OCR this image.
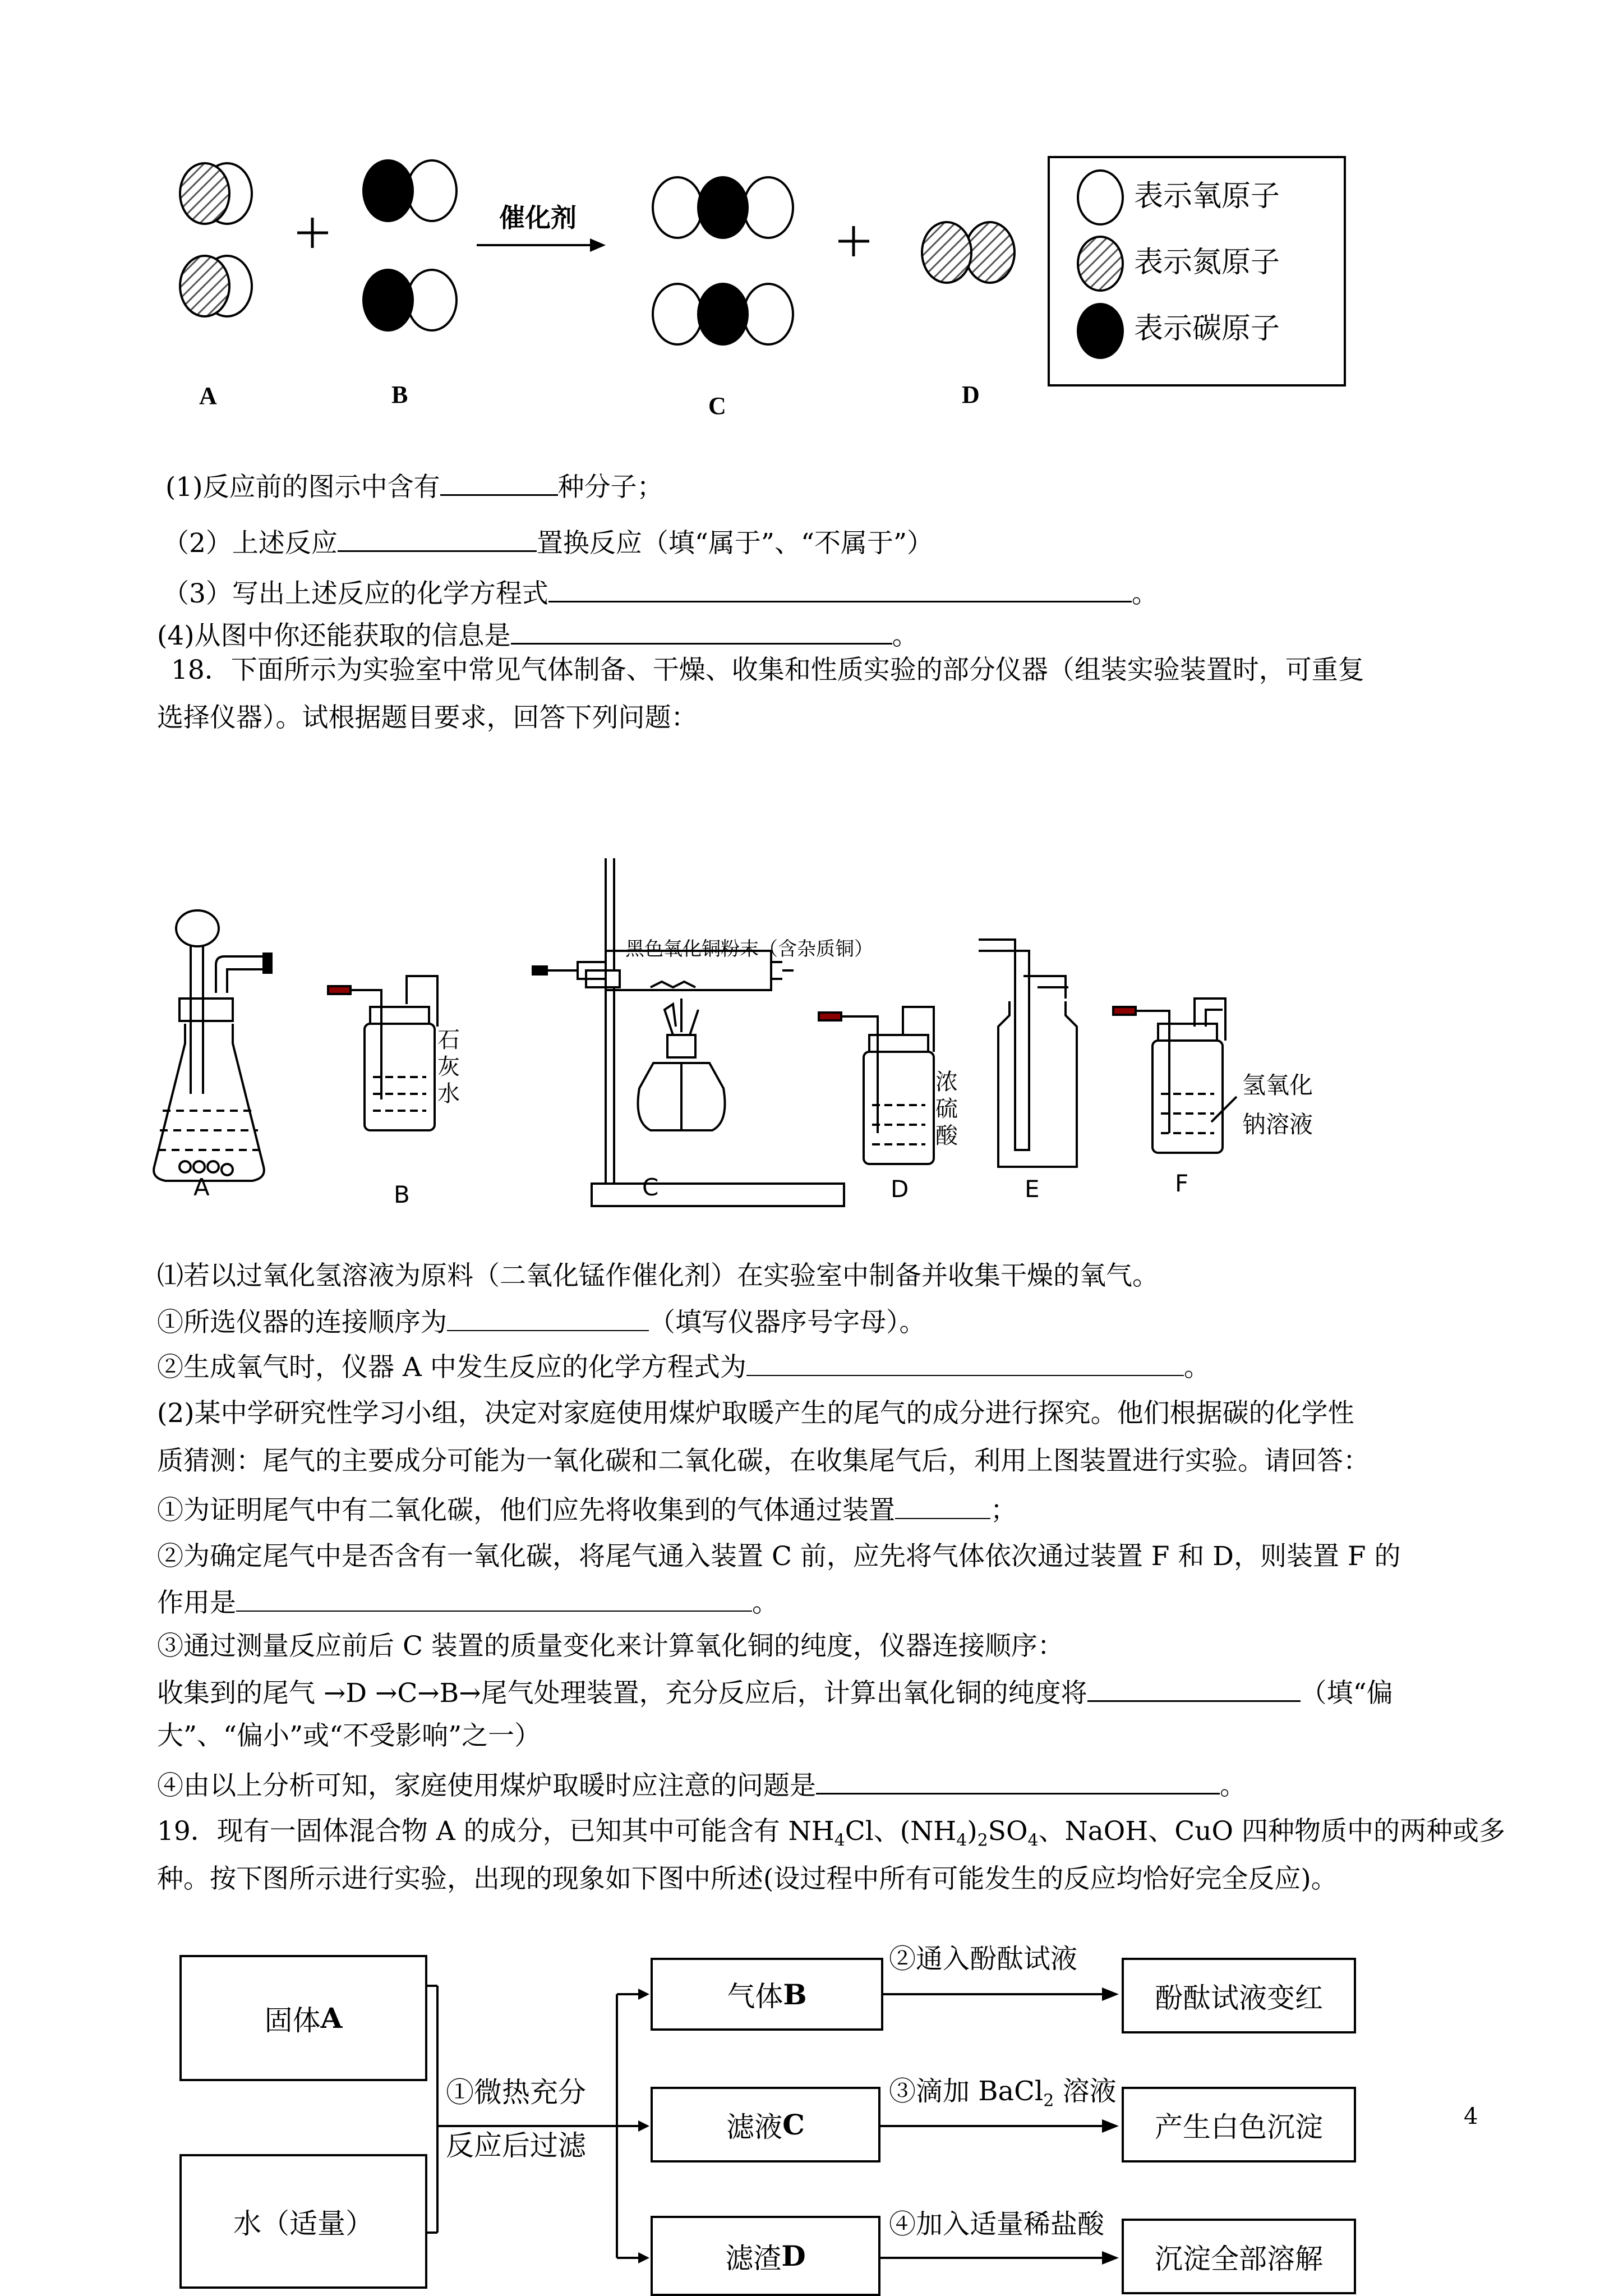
A	B	C	D
催化剂
表示氧原子
表示氮原子
表示碳原子
(1)反应前的图示中含有	种分子；
（2）上述反应	置换反应（填“属于”、“不属于”）
（3）写出上述反应的化学方程式	。
(4)从图中你还能获取的信息是	。
18．下面所示为实验室中常见气体制备、干燥、收集和性质实验的部分仪器（组装实验装置时，可重复
选择仪器）。试根据题目要求，回答下列问题：
黑色氧化铜粉末（含杂质铜）
石灰水	浓硫酸
氢氧化
钠溶液
A	B	C	D	E	F
⑴若以过氧化氢溶液为原料（二氧化锰作催化剂）在实验室中制备并收集干燥的氧气。
①所选仪器的连接顺序为	（填写仪器序号字母）。
②生成氧气时，仪器 A 中发生反应的化学方程式为	。
(2)某中学研究性学习小组，决定对家庭使用煤炉取暖产生的尾气的成分进行探究。他们根据碳的化学性
质猜测：尾气的主要成分可能为一氧化碳和二氧化碳，在收集尾气后，利用上图装置进行实验。请回答：
①为证明尾气中有二氧化碳，他们应先将收集到的气体通过装置	；
②为确定尾气中是否含有一氧化碳，将尾气通入装置 C 前，应先将气体依次通过装置 F 和 D，则装置 F 的
作用是	。
③通过测量反应前后 C 装置的质量变化来计算氧化铜的纯度，仪器连接顺序：
收集到的尾气 →D →C→B→尾气处理装置，充分反应后，计算出氧化铜的纯度将	（填“偏
大”、“偏小”或“不受影响”之一）
④由以上分析可知，家庭使用煤炉取暖时应注意的问题是	。
19．现有一固体混合物 A 的成分，已知其中可能含有 $NH_4Cl$、$(NH_4)_2SO_4$、NaOH、CuO 四种物质中的两种或多
种。按下图所示进行实验，出现的现象如下图中所述(设过程中所有可能发生的反应均恰好完全反应)。
固体 A
水（适量）
①微热充分
反应后过滤
气体 B
滤液 C
滤渣 D
②通入酚酞试液
③滴加 BaCl$_2$ 溶液
④加入适量稀盐酸
酚酞试液变红
产生白色沉淀
沉淀全部溶解
4
